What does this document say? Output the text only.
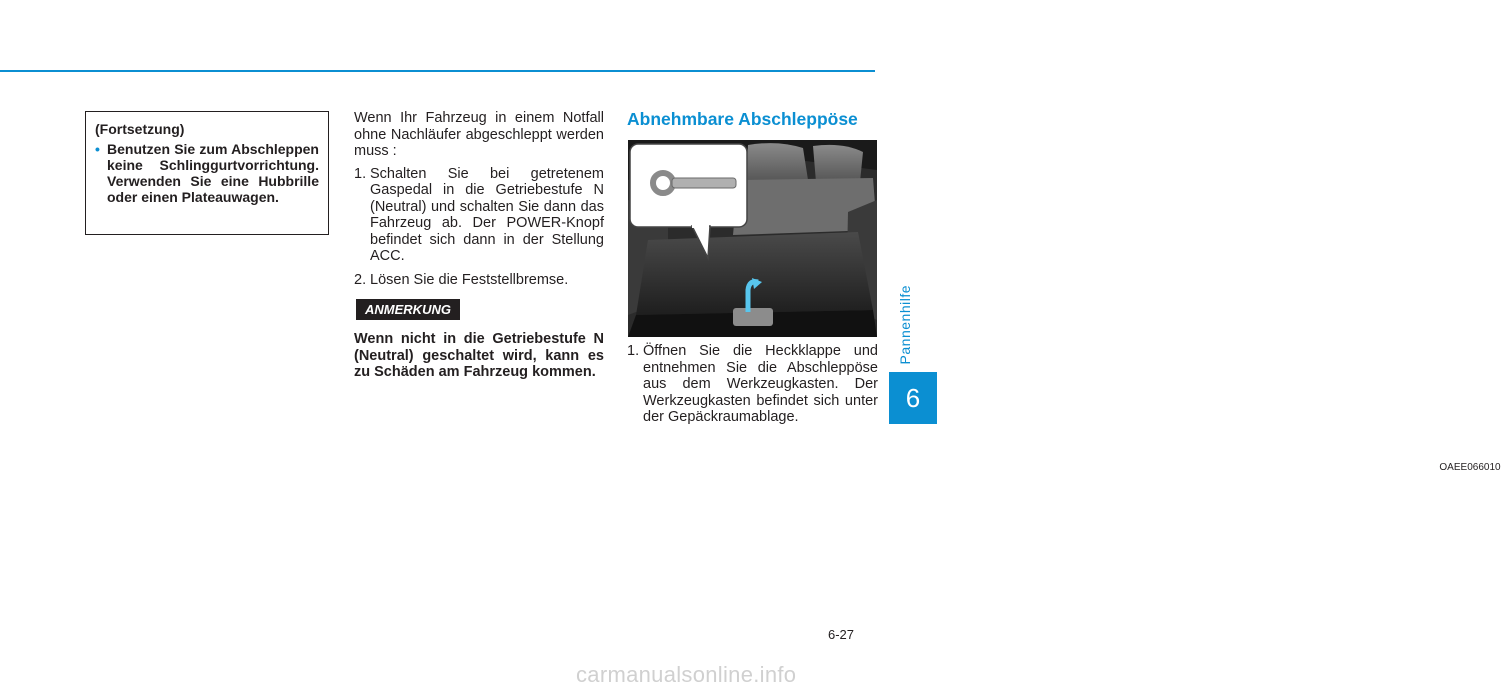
Pannenhilfe
6
(Fortsetzung)
• Benutzen Sie zum Abschleppen keine Schlinggurtvorrichtung. Verwenden Sie eine Hubbrille oder einen Plateauwagen.

Wenn Ihr Fahrzeug in einem Notfall ohne Nachläufer abgeschleppt werden muss :

1. Schalten Sie bei getretenem Gaspedal in die Getriebestufe N (Neutral) und schalten Sie dann das Fahrzeug ab. Der POWER-Knopf befindet sich dann in der Stellung ACC.
2. Lösen Sie die Feststellbremse.
ANMERKUNG

Wenn nicht in die Getriebestufe N (Neutral) geschaltet wird, kann es zu Schäden am Fahrzeug kommen.

Abnehmbare Abschleppöse
OAEE066010
1. Öffnen Sie die Heckklappe und entnehmen Sie die Abschleppöse aus dem Werkzeugkasten. Der Werkzeugkasten befindet sich unter der Gepäckraumablage.
6-27
carmanualsonline.info
